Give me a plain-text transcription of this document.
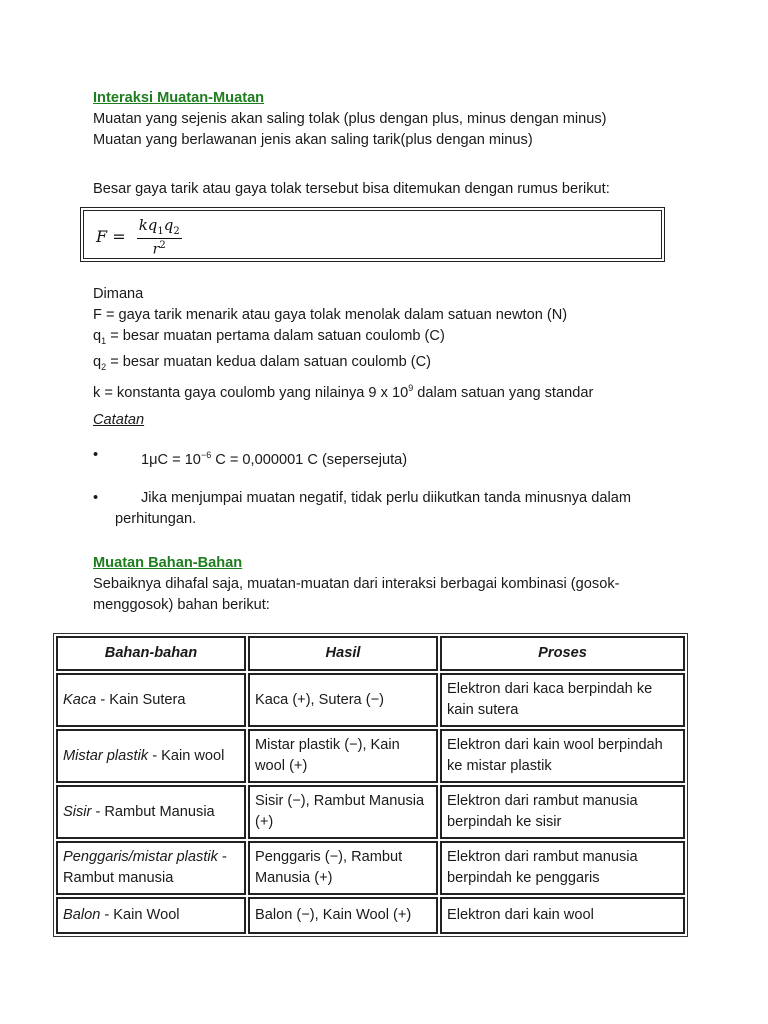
Interaksi Muatan-Muatan
Muatan yang sejenis akan saling tolak (plus dengan plus, minus dengan minus)
Muatan yang berlawanan jenis akan saling tarik(plus dengan minus)
Besar gaya tarik atau gaya tolak tersebut bisa ditemukan dengan rumus berikut:
$F = \frac{kq_1q_2}{r^2}$
Dimana
F = gaya tarik menarik atau gaya tolak menolak dalam satuan newton (N)
$q_1$ = besar muatan pertama dalam satuan coulomb (C)
$q_2$ = besar muatan kedua dalam satuan coulomb (C)
k = konstanta gaya coulomb yang nilainya 9 x $10^9$ dalam satuan yang standar
Catatan
•	$1\mu C = 10^{-6}$ C = 0,000001 C (sepersejuta)
•	Jika menjumpai muatan negatif, tidak perlu diikutkan tanda minusnya dalam
perhitungan.
Muatan Bahan-Bahan
Sebaiknya dihafal saja, muatan-muatan dari interaksi berbagai kombinasi (gosok-
menggosok) bahan berikut:
Bahan-bahan	Hasil	Proses
Kaca - Kain Sutera	Kaca (+), Sutera (−)	Elektron dari kaca berpindah ke kain sutera
Mistar plastik - Kain wool	Mistar plastik (−), Kain wool (+)	Elektron dari kain wool berpindah ke mistar plastik
Sisir - Rambut Manusia	Sisir (−), Rambut Manusia (+)	Elektron dari rambut manusia berpindah ke sisir
Penggaris/mistar plastik - Rambut manusia	Penggaris (−), Rambut Manusia (+)	Elektron dari rambut manusia berpindah ke penggaris
Balon - Kain Wool	Balon (−), Kain Wool (+)	Elektron dari kain wool
